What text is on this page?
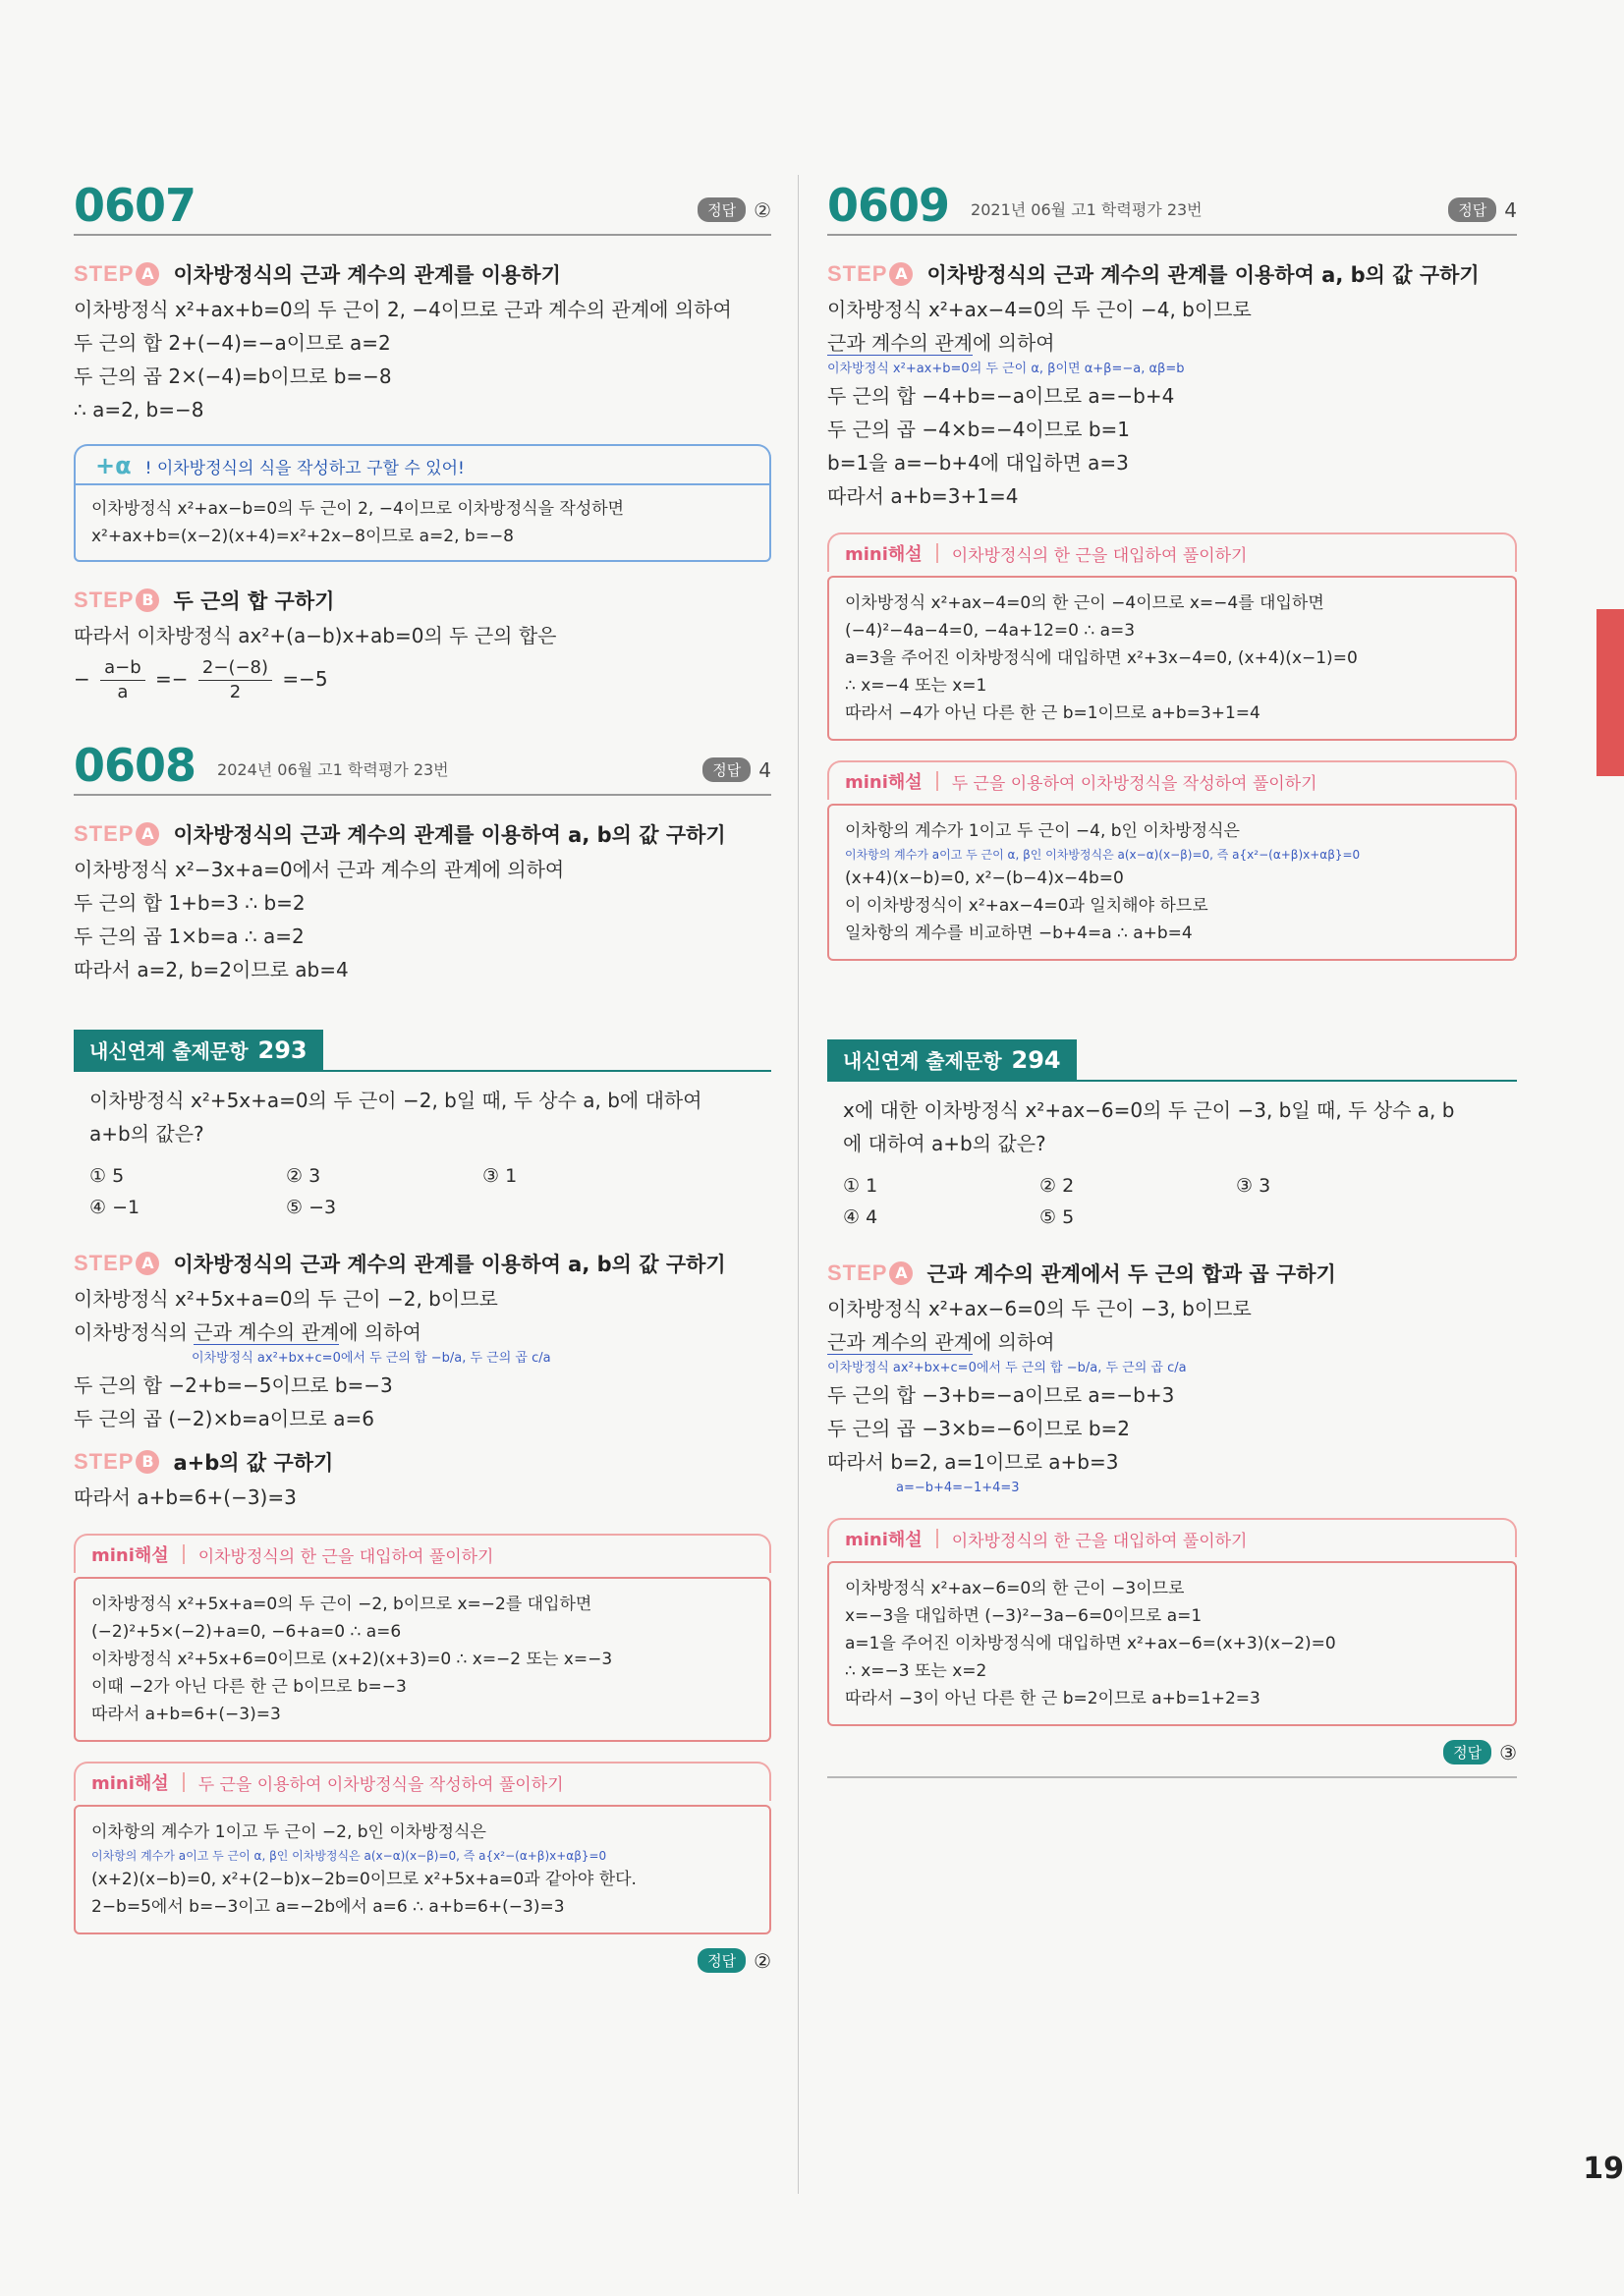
19
0607	정답 ②
STEP A 이차방정식의 근과 계수의 관계를 이용하기
이차방정식 x²+ax+b=0의 두 근이 2, −4이므로 근과 계수의 관계에 의하여
두 근의 합 2+(−4)=−a이므로 a=2
두 근의 곱 2×(−4)=b이므로 b=−8
∴ a=2, b=−8
+α ! 이차방정식의 식을 작성하고 구할 수 있어!
이차방정식 x²+ax−b=0의 두 근이 2, −4이므로 이차방정식을 작성하면
x²+ax+b=(x−2)(x+4)=x²+2x−8이므로 a=2, b=−8
STEP B 두 근의 합 구하기
따라서 이차방정식 ax²+(a−b)x+ab=0의 두 근의 합은
− $\frac{a-b}{a} =- \frac{2-(-8)}{2} =-5$
0608 2024년 06월 고1 학력평가 23번	정답 4
STEP A 이차방정식의 근과 계수의 관계를 이용하여 a, b의 값 구하기
이차방정식 x²−3x+a=0에서 근과 계수의 관계에 의하여
두 근의 합 1+b=3 ∴ b=2
두 근의 곱 1×b=a ∴ a=2
따라서 a=2, b=2이므로 ab=4
내신연계 출제문항 293
이차방정식 x²+5x+a=0의 두 근이 −2, b일 때, 두 상수 a, b에 대하여
a+b의 값은?
① 5	② 3	③ 1
④ −1	⑤ −3
STEP A 이차방정식의 근과 계수의 관계를 이용하여 a, b의 값 구하기
이차방정식 x²+5x+a=0의 두 근이 −2, b이므로
이차방정식의 근과 계수의 관계에 의하여
이차방정식 ax²+bx+c=0에서 두 근의 합 −b/a, 두 근의 곱 c/a
두 근의 합 −2+b=−5이므로 b=−3
두 근의 곱 (−2)×b=a이므로 a=6
STEP B a+b의 값 구하기
따라서 a+b=6+(−3)=3
mini해설 이차방정식의 한 근을 대입하여 풀이하기
이차방정식 x²+5x+a=0의 두 근이 −2, b이므로 x=−2를 대입하면
(−2)²+5×(−2)+a=0, −6+a=0 ∴ a=6
이차방정식 x²+5x+6=0이므로 (x+2)(x+3)=0 ∴ x=−2 또는 x=−3
이때 −2가 아닌 다른 한 근 b이므로 b=−3
따라서 a+b=6+(−3)=3
mini해설 두 근을 이용하여 이차방정식을 작성하여 풀이하기
이차항의 계수가 1이고 두 근이 −2, b인 이차방정식은
이차항의 계수가 a이고 두 근이 α, β인 이차방정식은 a(x−α)(x−β)=0, 즉 a{x²−(α+β)x+αβ}=0
(x+2)(x−b)=0, x²+(2−b)x−2b=0이므로 x²+5x+a=0과 같아야 한다.
2−b=5에서 b=−3이고 a=−2b에서 a=6 ∴ a+b=6+(−3)=3
정답 ②
0609 2021년 06월 고1 학력평가 23번	정답 4
STEP A 이차방정식의 근과 계수의 관계를 이용하여 a, b의 값 구하기
이차방정식 x²+ax−4=0의 두 근이 −4, b이므로
근과 계수의 관계에 의하여
이차방정식 x²+ax+b=0의 두 근이 α, β이면 α+β=−a, αβ=b
두 근의 합 −4+b=−a이므로 a=−b+4
두 근의 곱 −4×b=−4이므로 b=1
b=1을 a=−b+4에 대입하면 a=3
따라서 a+b=3+1=4
mini해설 이차방정식의 한 근을 대입하여 풀이하기
이차방정식 x²+ax−4=0의 한 근이 −4이므로 x=−4를 대입하면
(−4)²−4a−4=0, −4a+12=0 ∴ a=3
a=3을 주어진 이차방정식에 대입하면 x²+3x−4=0, (x+4)(x−1)=0
∴ x=−4 또는 x=1
따라서 −4가 아닌 다른 한 근 b=1이므로 a+b=3+1=4
mini해설 두 근을 이용하여 이차방정식을 작성하여 풀이하기
이차항의 계수가 1이고 두 근이 −4, b인 이차방정식은
이차항의 계수가 a이고 두 근이 α, β인 이차방정식은 a(x−α)(x−β)=0, 즉 a{x²−(α+β)x+αβ}=0
(x+4)(x−b)=0, x²−(b−4)x−4b=0
이 이차방정식이 x²+ax−4=0과 일치해야 하므로
일차항의 계수를 비교하면 −b+4=a ∴ a+b=4
내신연계 출제문항 294
x에 대한 이차방정식 x²+ax−6=0의 두 근이 −3, b일 때, 두 상수 a, b
에 대하여 a+b의 값은?
① 1	② 2	③ 3
④ 4	⑤ 5
STEP A 근과 계수의 관계에서 두 근의 합과 곱 구하기
이차방정식 x²+ax−6=0의 두 근이 −3, b이므로
근과 계수의 관계에 의하여
이차방정식 ax²+bx+c=0에서 두 근의 합 −b/a, 두 근의 곱 c/a
두 근의 합 −3+b=−a이므로 a=−b+3
두 근의 곱 −3×b=−6이므로 b=2
따라서 b=2, a=1이므로 a+b=3
a=−b+4=−1+4=3
mini해설 이차방정식의 한 근을 대입하여 풀이하기
이차방정식 x²+ax−6=0의 한 근이 −3이므로
x=−3을 대입하면 (−3)²−3a−6=0이므로 a=1
a=1을 주어진 이차방정식에 대입하면 x²+ax−6=(x+3)(x−2)=0
∴ x=−3 또는 x=2
따라서 −3이 아닌 다른 한 근 b=2이므로 a+b=1+2=3
정답 ③
